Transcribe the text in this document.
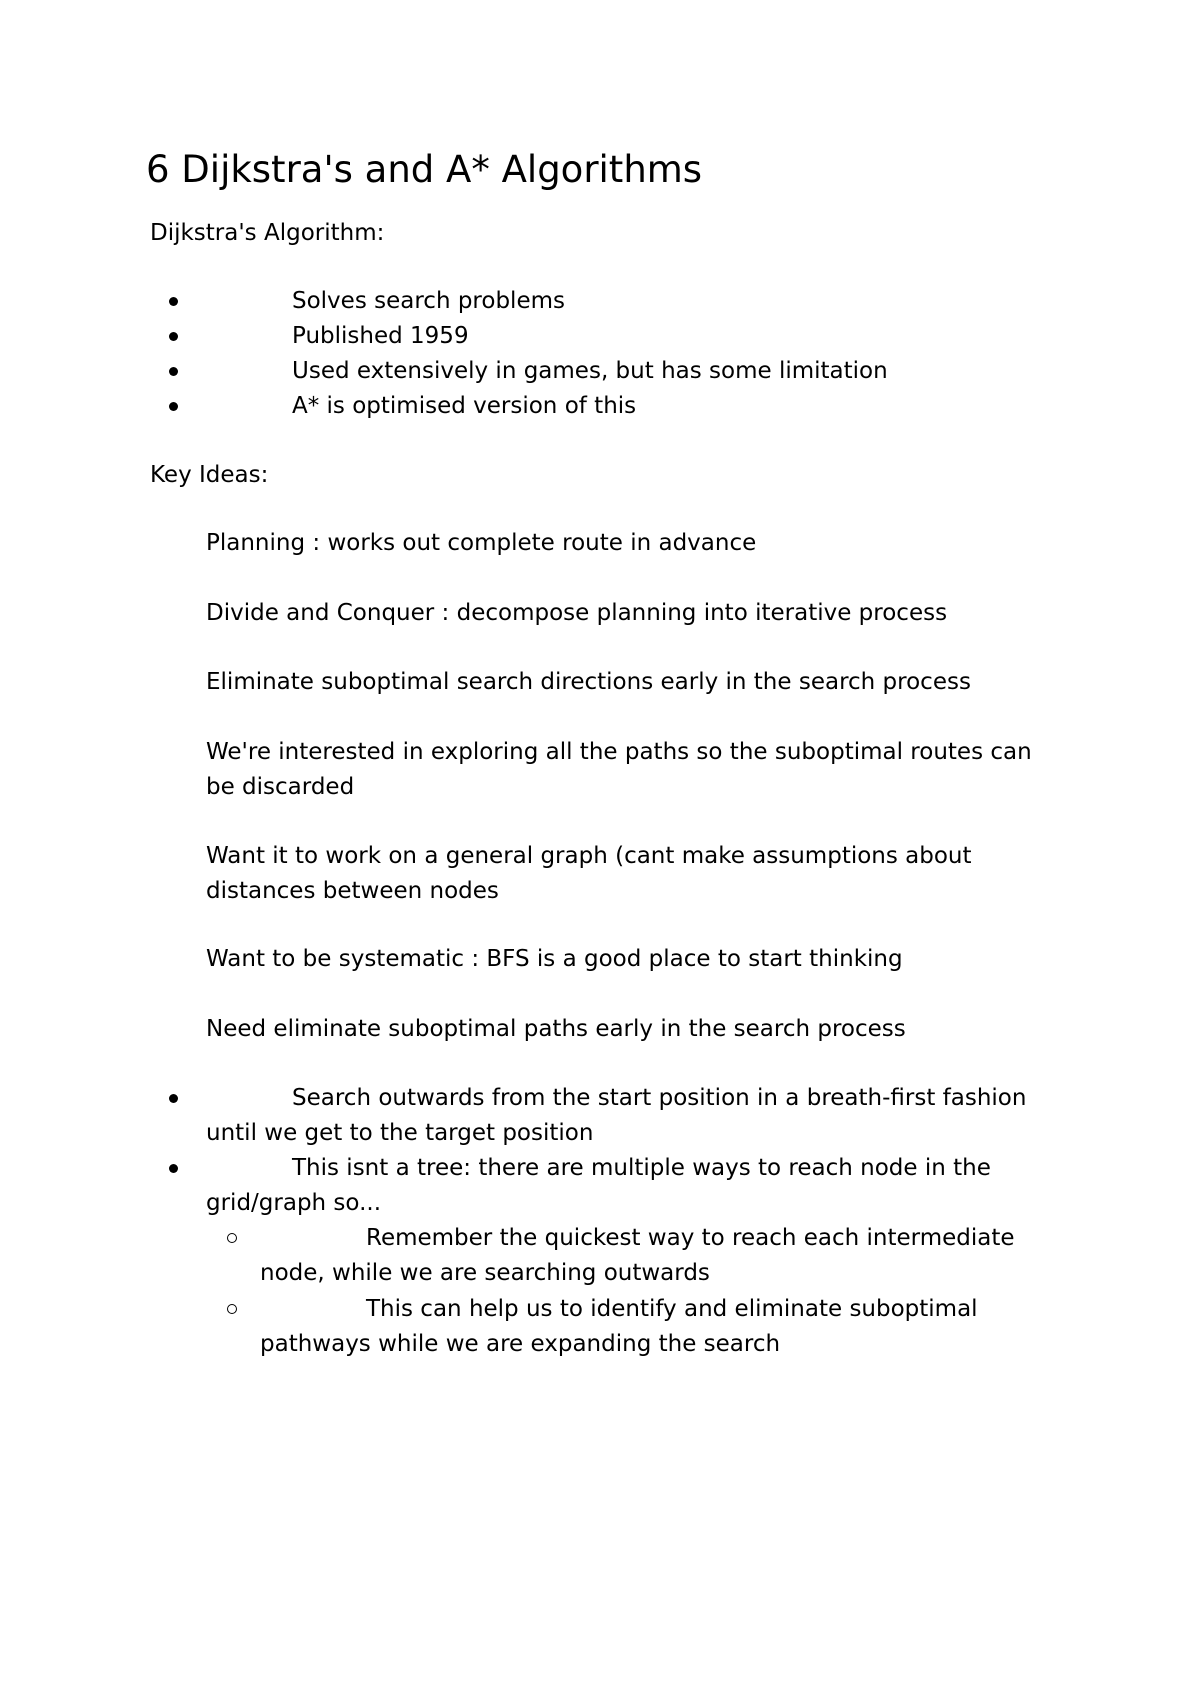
6 Dijkstra's and A* Algorithms

Dijkstra's Algorithm:

Solves search problems
Published 1959
Used extensively in games, but has some limitation
A* is optimised version of this

Key Ideas:

Planning : works out complete route in advance

Divide and Conquer : decompose planning into iterative process

Eliminate suboptimal search directions early in the search process

We're interested in exploring all the paths so the suboptimal routes can be discarded

Want it to work on a general graph (cant make assumptions about distances between nodes

Want to be systematic : BFS is a good place to start thinking

Need eliminate suboptimal paths early in the search process

Search outwards from the start position in a breath-first fashion until we get to the target position

This isnt a tree: there are multiple ways to reach node in the grid/graph so...

Remember the quickest way to reach each intermediate node, while we are searching outwards

This can help us to identify and eliminate suboptimal pathways while we are expanding the search
